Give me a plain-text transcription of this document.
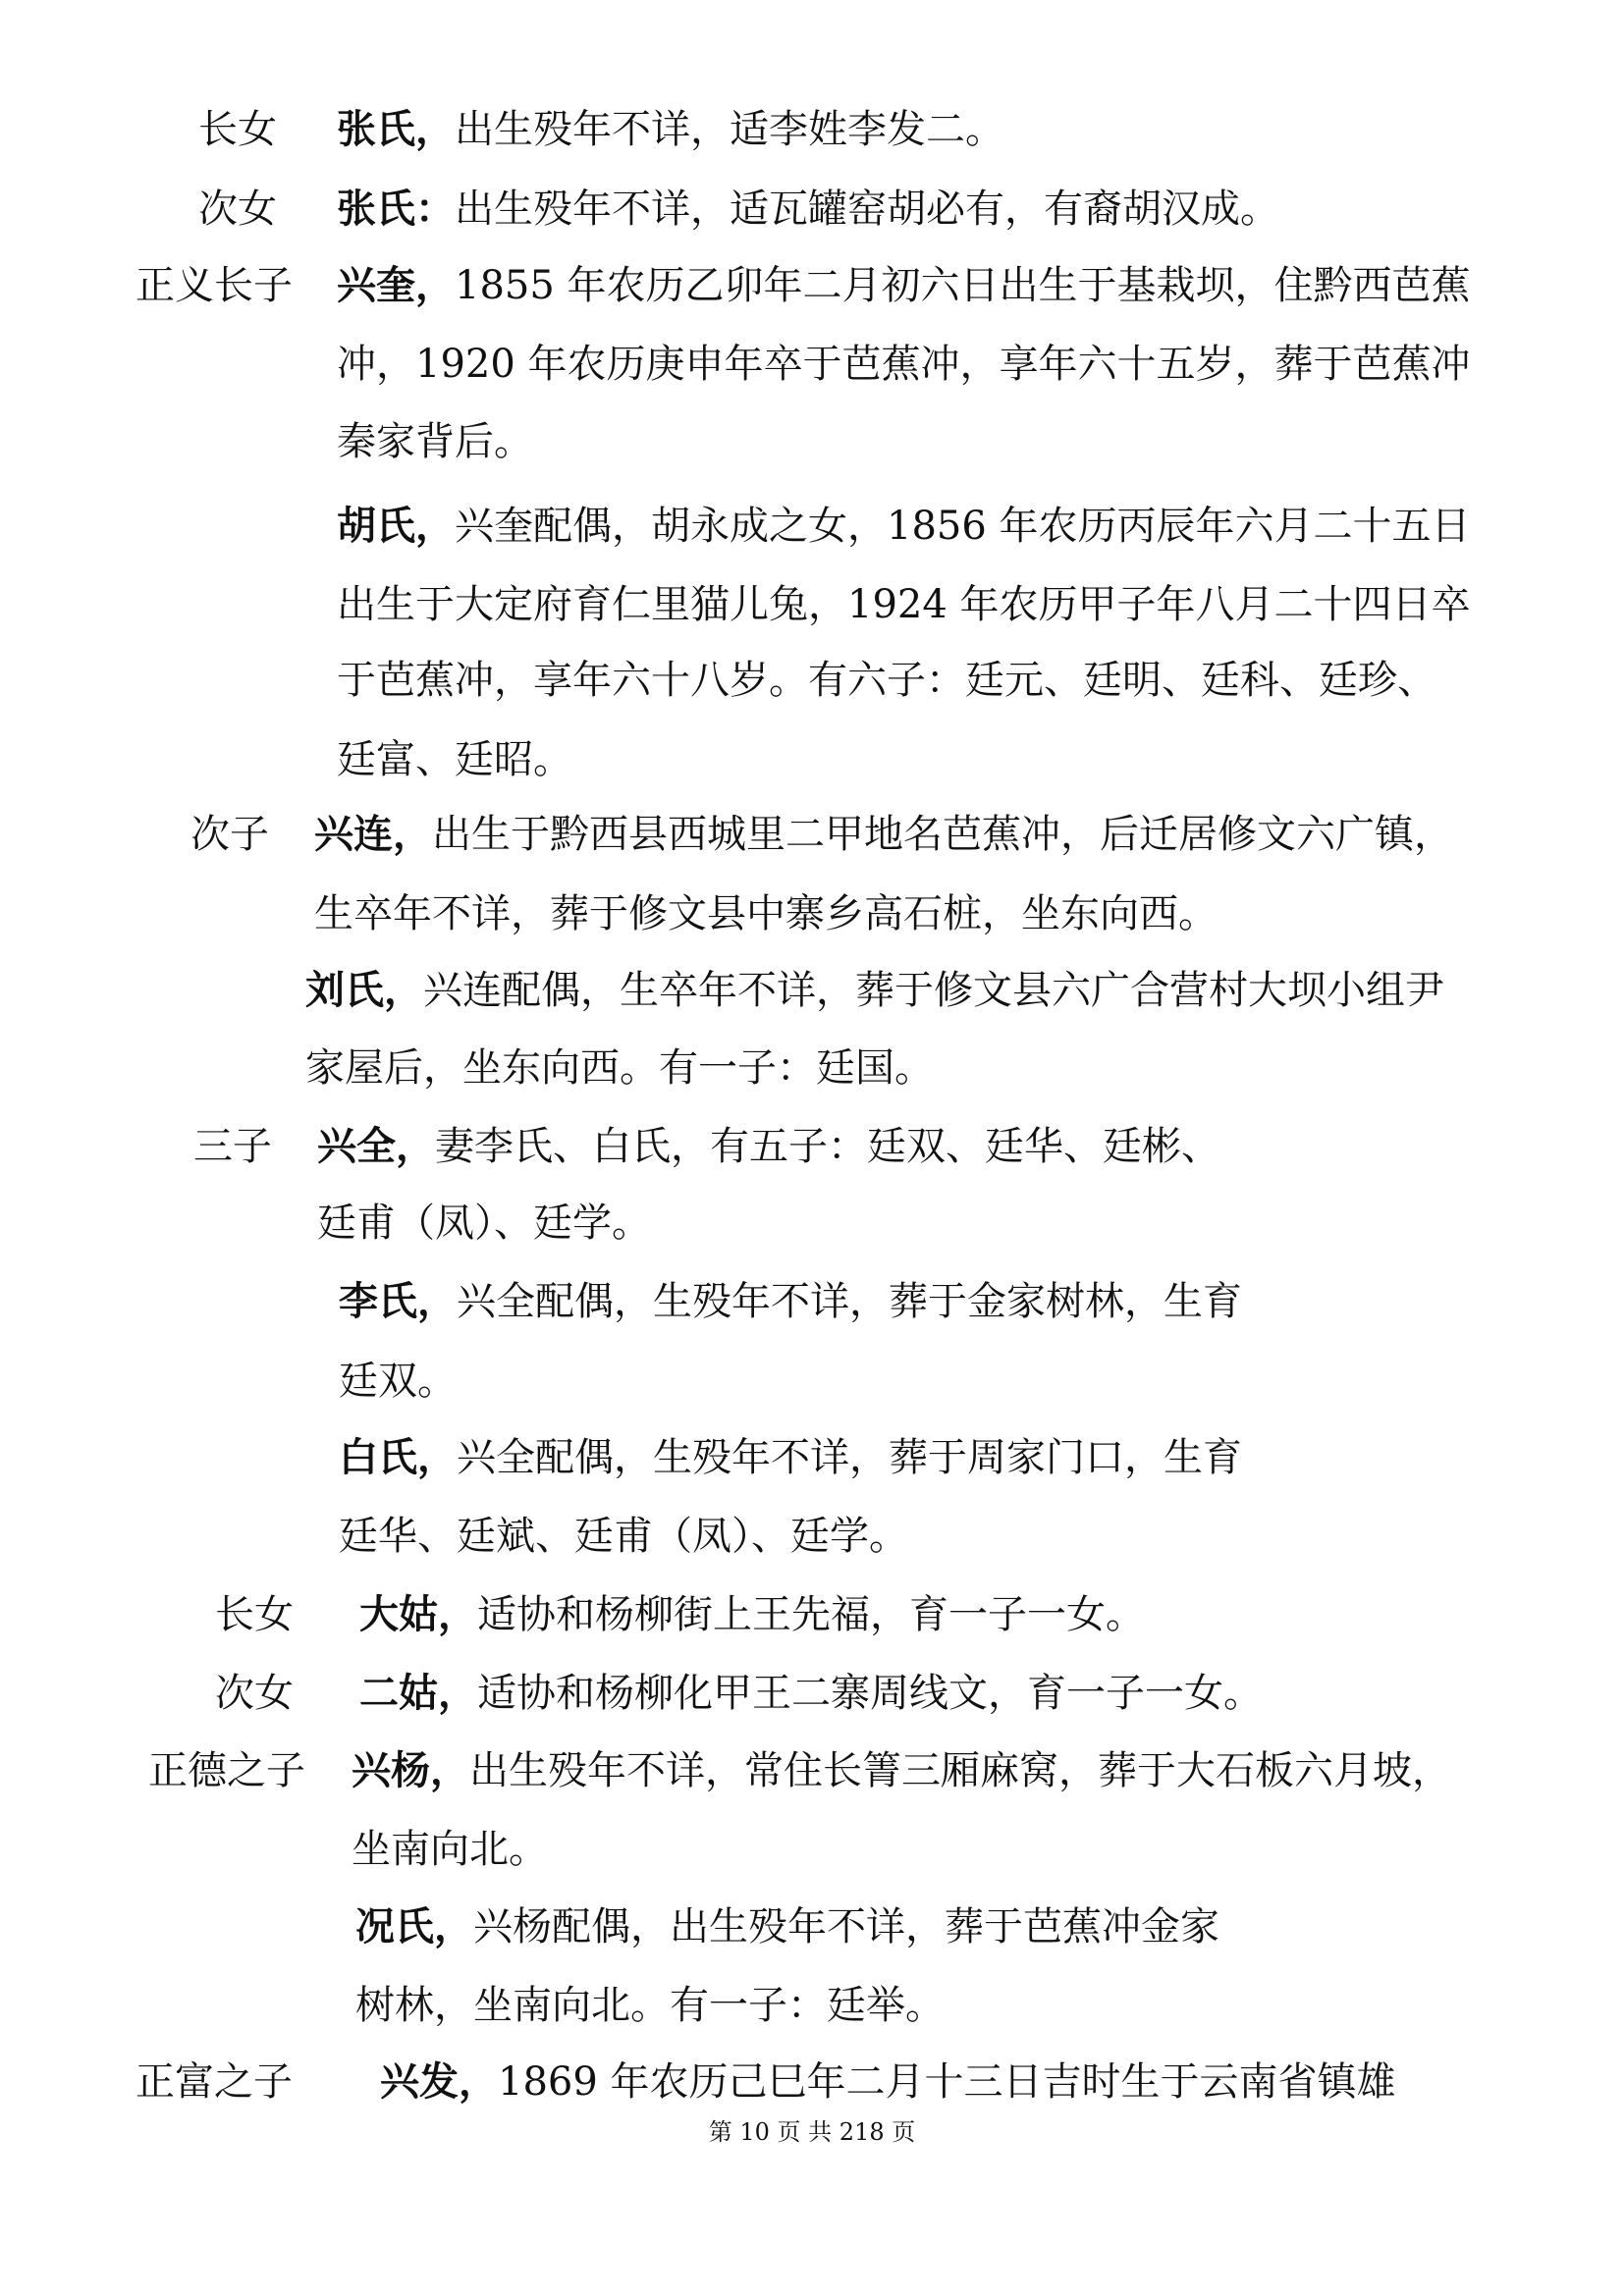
长女 张氏，出生殁年不详，适李姓李发二。
次女 张氏：出生殁年不详，适瓦罐窑胡必有，有裔胡汉成。
正义长子 兴奎，1855 年农历乙卯年二月初六日出生于基栽坝，住黔西芭蕉
冲，1920 年农历庚申年卒于芭蕉冲，享年六十五岁，葬于芭蕉冲
秦家背后。
胡氏，兴奎配偶，胡永成之女，1856 年农历丙辰年六月二十五日
出生于大定府育仁里猫儿兔，1924 年农历甲子年八月二十四日卒
于芭蕉冲，享年六十八岁。有六子：廷元、廷明、廷科、廷珍、
廷富、廷昭。
次子 兴连，出生于黔西县西城里二甲地名芭蕉冲，后迁居修文六广镇，
生卒年不详，葬于修文县中寨乡高石桩，坐东向西。
刘氏，兴连配偶，生卒年不详，葬于修文县六广合营村大坝小组尹
家屋后，坐东向西。有一子：廷国。
三子 兴全，妻李氏、白氏，有五子：廷双、廷华、廷彬、
廷甫（凤）、廷学。
李氏，兴全配偶，生殁年不详，葬于金家树林，生育
廷双。
白氏，兴全配偶，生殁年不详，葬于周家门口，生育
廷华、廷斌、廷甫（凤）、廷学。
长女 大姑，适协和杨柳街上王先福，育一子一女。
次女 二姑，适协和杨柳化甲王二寨周线文，育一子一女。
正德之子 兴杨，出生殁年不详，常住长箐三厢麻窝，葬于大石板六月坡，
坐南向北。
况氏，兴杨配偶，出生殁年不详，葬于芭蕉冲金家
树林，坐南向北。有一子：廷举。
正富之子 兴发，1869 年农历己巳年二月十三日吉时生于云南省镇雄
第 10 页 共 218 页
